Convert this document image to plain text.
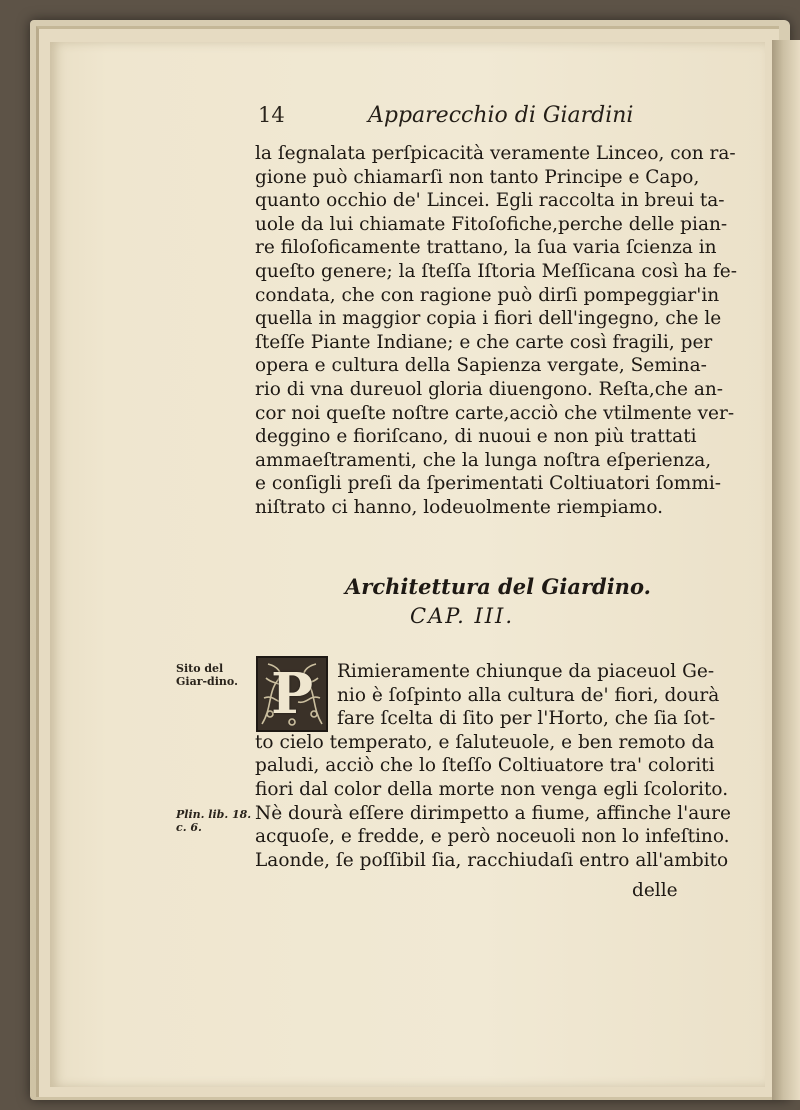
14	Apparecchio di Giardini
la ſegnalata perſpicacità veramente Linceo, con ra-
gione può chiamarſi non tanto Principe e Capo,
quanto occhio de' Lincei. Egli raccolta in breui ta-
uole da lui chiamate Fitoſofiche,perche delle pian-
re filoſoficamente trattano, la ſua varia ſcienza in
queſto genere; la ſteſſa Iſtoria Meſſicana così ha fe-
condata, che con ragione può dirſi pompeggiar'in
quella in maggior copia i fiori dell'ingegno, che le
ſteſſe Piante Indiane; e che carte così fragili, per
opera e cultura della Sapienza vergate, Semina-
rio di vna dureuol gloria diuengono. Reſta,che an-
cor noi queſte noſtre carte,acciò che vtilmente ver-
deggino e fioriſcano, di nuoui e non più trattati
ammaeſtramenti, che la lunga noſtra eſperienza,
e conſigli preſi da ſperimentati Coltiuatori ſommi-
niſtrato ci hanno, lodeuolmente riempiamo.
Architettura del Giardino.
CAP. III.
P	Rimieramente chiunque da piaceuol Ge-
nio è ſoſpinto alla cultura de' fiori, dourà
fare ſcelta di ſito per l'Horto, che ſia ſot-
to cielo temperato, e ſaluteuole, e ben remoto da
paludi, acciò che lo ſteſſo Coltiuatore tra' coloriti
fiori dal color della morte non venga egli ſcolorito.
Nè dourà eſſere dirimpetto a fiume, affinche l'aure
acquoſe, e fredde, e però noceuoli non lo infeſtino.
Laonde, ſe poſſibil ſia, racchiudaſi entro all'ambito
Sito del Giar-dino.
Plin. lib. 18. c. 6.
delle
